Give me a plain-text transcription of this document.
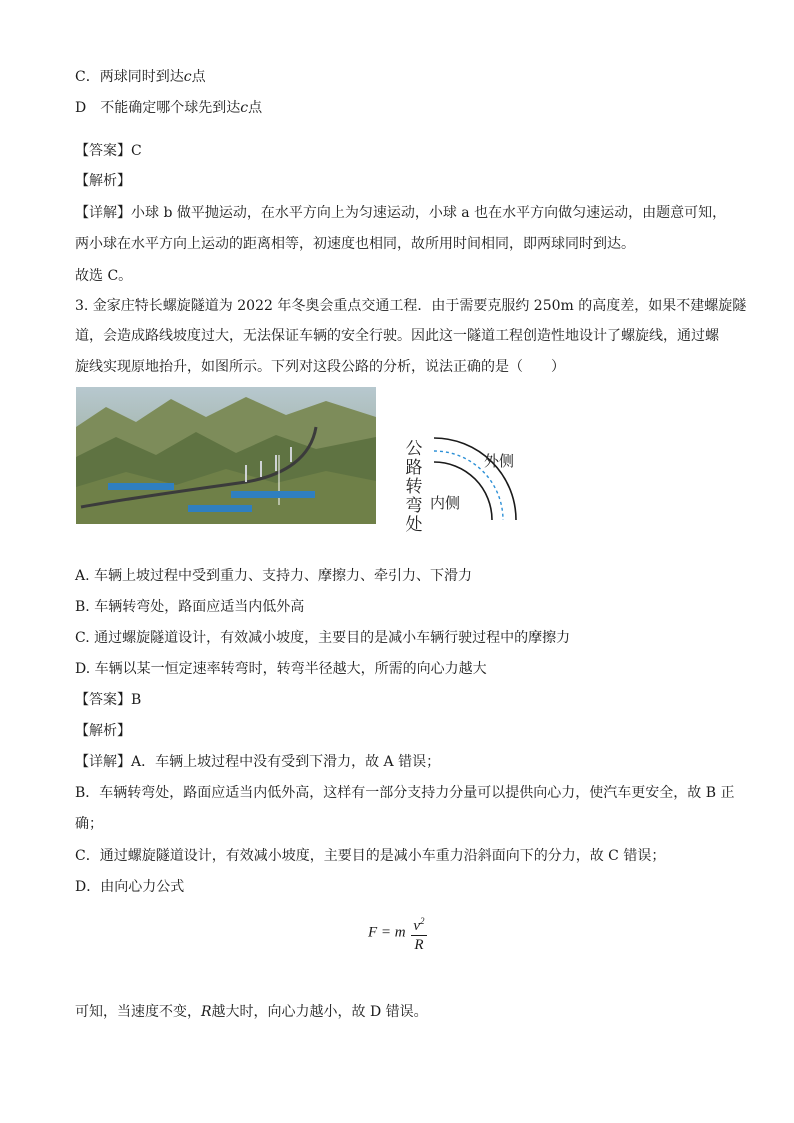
C．两球同时到达c点
D　不能确定哪个球先到达c点
【答案】C
【解析】
【详解】小球 b 做平抛运动，在水平方向上为匀速运动，小球 a 也在水平方向做匀速运动，由题意可知，
两小球在水平方向上运动的距离相等，初速度也相同，故所用时间相同，即两球同时到达。
故选 C。
3. 金家庄特长螺旋隧道为 2022 年冬奥会重点交通工程．由于需要克服约 250m 的高度差，如果不建螺旋隧
道，会造成路线坡度过大，无法保证车辆的安全行驶。因此这一隧道工程创造性地设计了螺旋线，通过螺
旋线实现原地抬升，如图所示。下列对这段公路的分析，说法正确的是（　　）
公
路
转
弯
处
外侧
内侧
A. 车辆上坡过程中受到重力、支持力、摩擦力、牵引力、下滑力
B. 车辆转弯处，路面应适当内低外高
C. 通过螺旋隧道设计，有效减小坡度，主要目的是减小车辆行驶过程中的摩擦力
D. 车辆以某一恒定速率转弯时，转弯半径越大，所需的向心力越大
【答案】B
【解析】
【详解】A．车辆上坡过程中没有受到下滑力，故 A 错误；
B．车辆转弯处，路面应适当内低外高，这样有一部分支持力分量可以提供向心力，使汽车更安全，故 B 正
确；
C．通过螺旋隧道设计，有效减小坡度，主要目的是减小车重力沿斜面向下的分力，故 C 错误；
D．由向心力公式
F = m $\frac{v^2}{R}$
可知，当速度不变，R越大时，向心力越小，故 D 错误。
